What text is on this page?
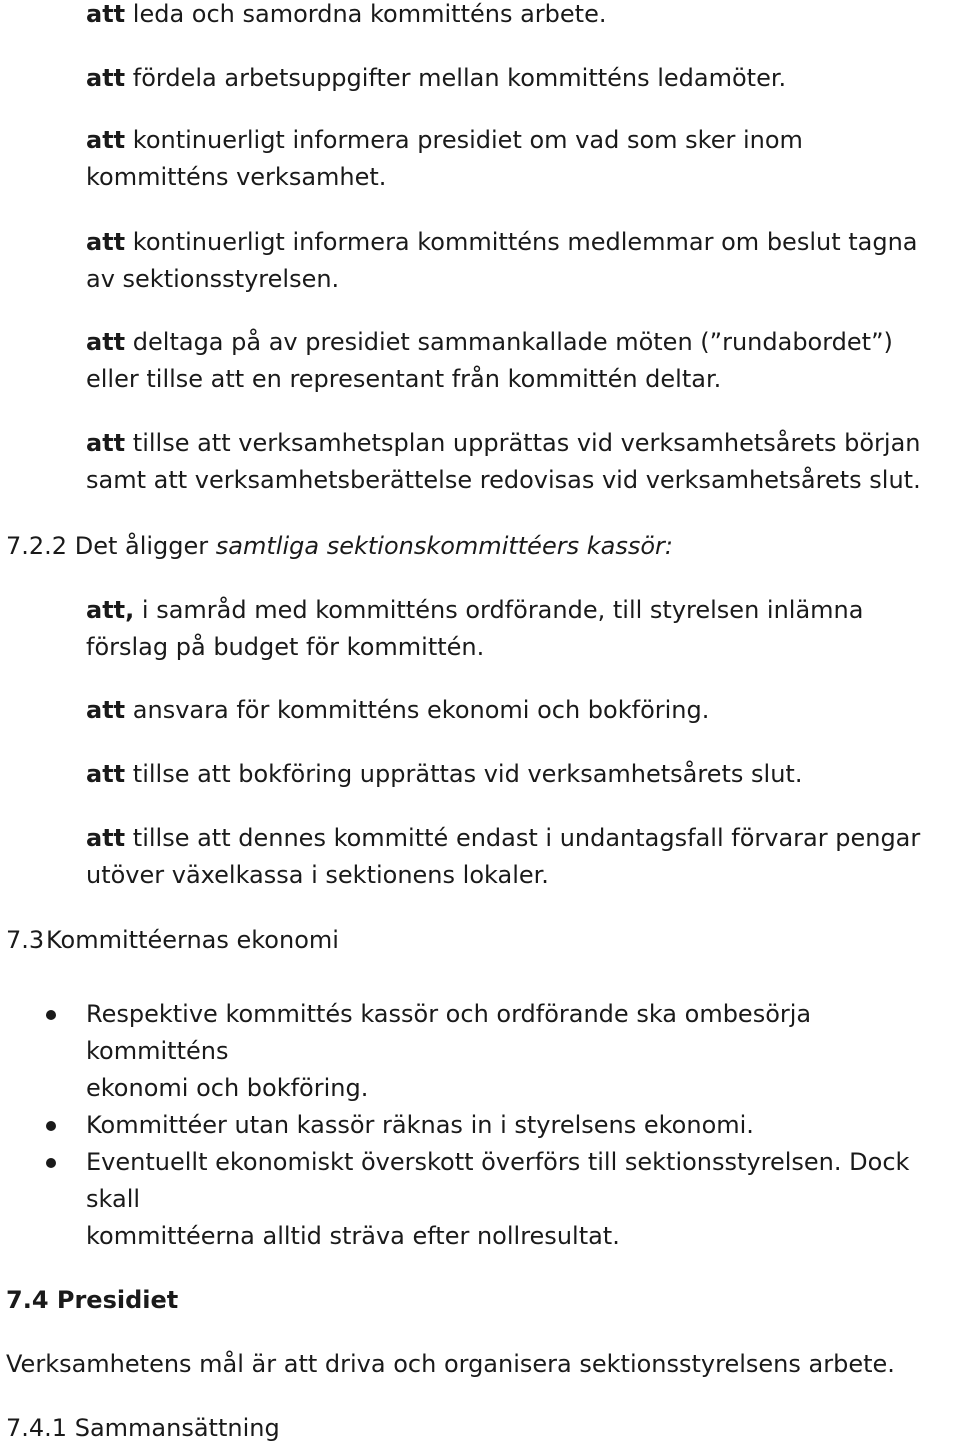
att leda och samordna kommitténs arbete.

att fördela arbetsuppgifter mellan kommitténs ledamöter.

att kontinuerligt informera presidiet om vad som sker inom
kommitténs verksamhet.

att kontinuerligt informera kommitténs medlemmar om beslut tagna
av sektionsstyrelsen.

att deltaga på av presidiet sammankallade möten (”rundabordet”)
eller tillse att en representant från kommittén deltar.

att tillse att verksamhetsplan upprättas vid verksamhetsårets början
samt att verksamhetsberättelse redovisas vid verksamhetsårets slut.

7.2.2 Det åligger samtliga sektionskommittéers kassör:

att, i samråd med kommitténs ordförande, till styrelsen inlämna
förslag på budget för kommittén.

att ansvara för kommitténs ekonomi och bokföring.

att tillse att bokföring upprättas vid verksamhetsårets slut.

att tillse att dennes kommitté endast i undantagsfall förvarar pengar
utöver växelkassa i sektionens lokaler.

7.3Kommittéernas ekonomi

Respektive kommittés kassör och ordförande ska ombesörja
kommitténs
ekonomi och bokföring.
Kommittéer utan kassör räknas in i styrelsens ekonomi.
Eventuellt ekonomiskt överskott överförs till sektionsstyrelsen. Dock
skall
kommittéerna alltid sträva efter nollresultat.

7.4 Presidiet

Verksamhetens mål är att driva och organisera sektionsstyrelsens arbete.

7.4.1 Sammansättning
